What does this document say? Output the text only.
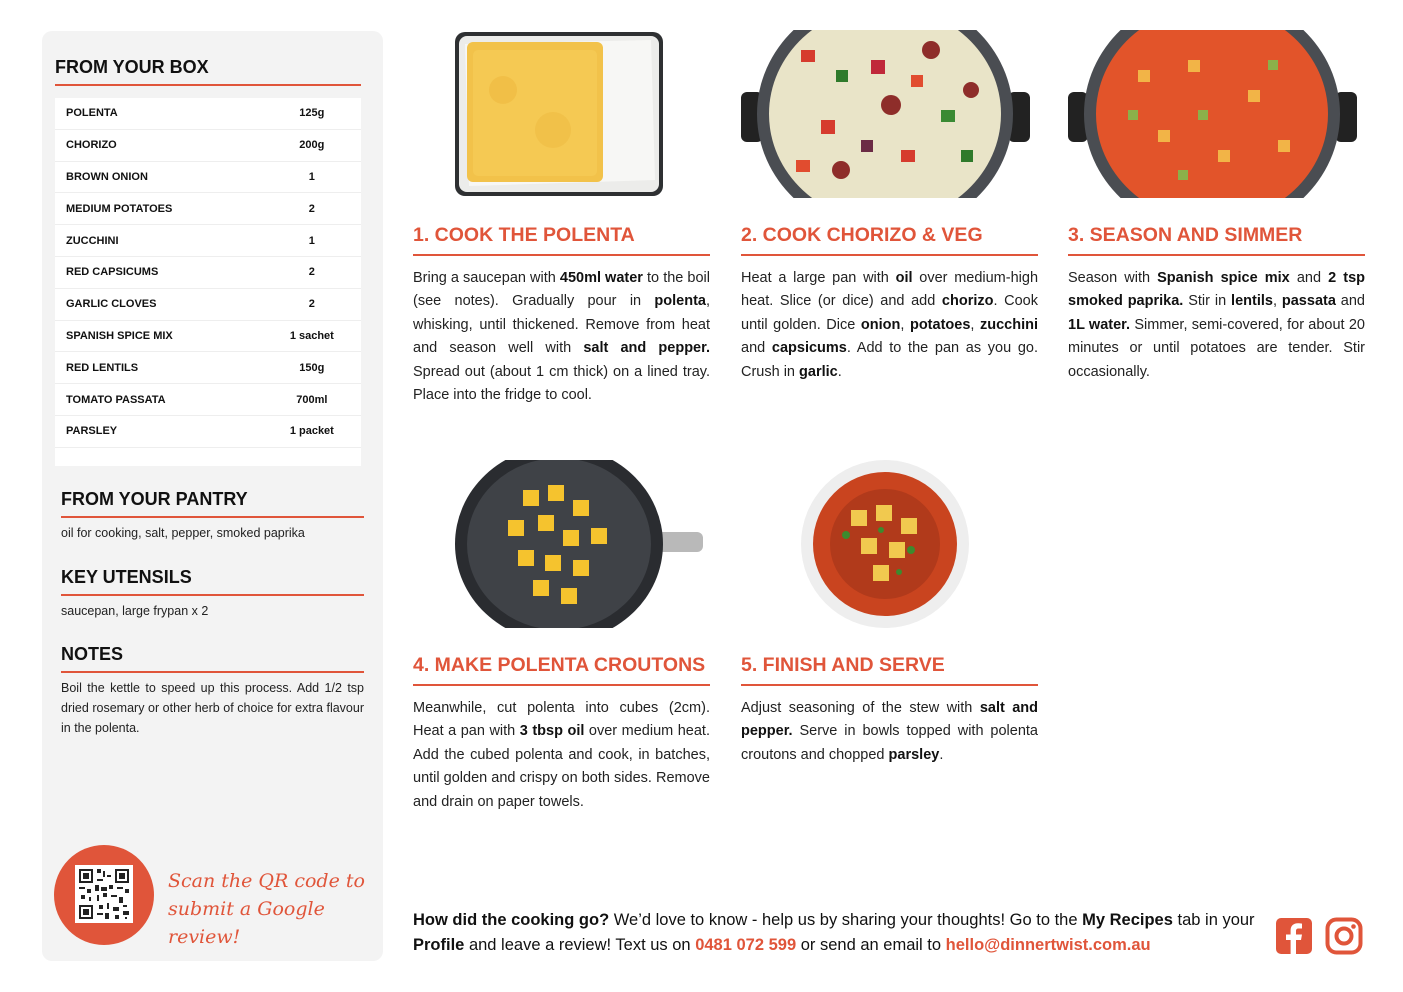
FROM YOUR BOX
POLENTA	125g
CHORIZO	200g
BROWN ONION	1
MEDIUM POTATOES	2
ZUCCHINI	1
RED CAPSICUMS	2
GARLIC CLOVES	2
SPANISH SPICE MIX	1 sachet
RED LENTILS	150g
TOMATO PASSATA	700ml
PARSLEY	1 packet
FROM YOUR PANTRY
oil for cooking, salt, pepper, smoked paprika
KEY UTENSILS
saucepan, large frypan x 2
NOTES
Boil the kettle to speed up this process. Add 1/2 tsp dried rosemary or other herb of choice for extra flavour in the polenta.
Scan the QR code to
submit a Google review!
1. COOK THE POLENTA

Bring a saucepan with 450ml water to the boil (see notes). Gradually pour in polenta, whisking, until thickened. Remove from heat and season well with salt and pepper. Spread out (about 1 cm thick) on a lined tray. Place into the fridge to cool.

2. COOK CHORIZO & VEG

Heat a large pan with oil over medium-high heat. Slice (or dice) and add chorizo. Cook until golden. Dice onion, potatoes, zucchini and capsicums. Add to the pan as you go. Crush in garlic.

3. SEASON AND SIMMER

Season with Spanish spice mix and 2 tsp smoked paprika. Stir in lentils, passata and 1L water. Simmer, semi-covered, for about 20 minutes or until potatoes are tender. Stir occasionally.

4. MAKE POLENTA CROUTONS

Meanwhile, cut polenta into cubes (2cm). Heat a pan with 3 tbsp oil over medium heat. Add the cubed polenta and cook, in batches, until golden and crispy on both sides. Remove and drain on paper towels.

5. FINISH AND SERVE

Adjust seasoning of the stew with salt and pepper. Serve in bowls topped with polenta croutons and chopped parsley.

How did the cooking go? We’d love to know - help us by sharing your thoughts! Go to the My Recipes tab in your Profile and leave a review! Text us on 0481 072 599 or send an email to hello@dinnertwist.com.au
